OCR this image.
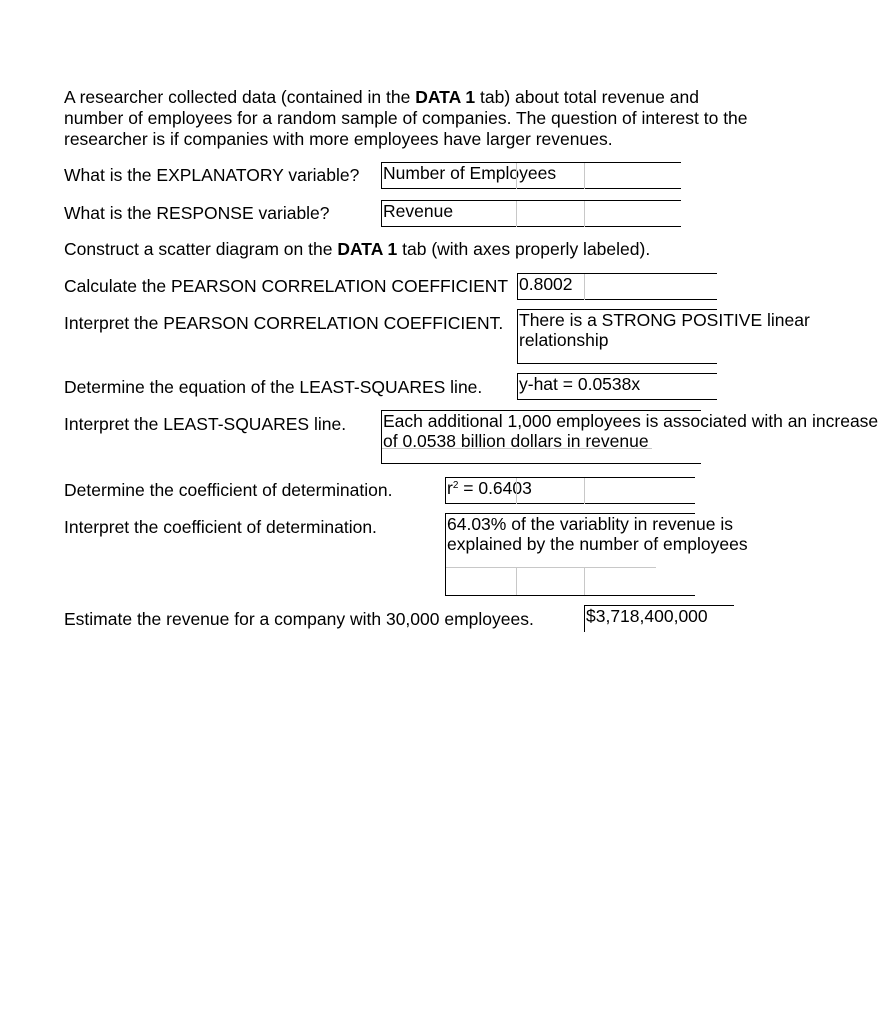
A researcher collected data (contained in the DATA 1 tab) about total revenue and
number of employees for a random sample of companies. The question of interest to the
researcher is if companies with more employees have larger revenues.
What is the EXPLANATORY variable? Number of Employees
What is the RESPONSE variable?	Revenue
Construct a scatter diagram on the DATA 1 tab (with axes properly labeled).
Calculate the PEARSON CORRELATION COEFFICIENT 0.8002
Interpret the PEARSON CORRELATION COEFFICIENT. There is a STRONG POSITIVE linear
relationship
Determine the equation of the LEAST-SQUARES line. y-hat = 0.0538x
Interpret the LEAST-SQUARES line. Each additional 1,000 employees is associated with an increase
of 0.0538 billion dollars in revenue
Determine the coefficient of determination.	$r^2 = 0.6403$
Interpret the coefficient of determination.	64.03% of the variablity in revenue is
explained by the number of employees
Estimate the revenue for a company with 30,000 employees.	$3,718,400,000
